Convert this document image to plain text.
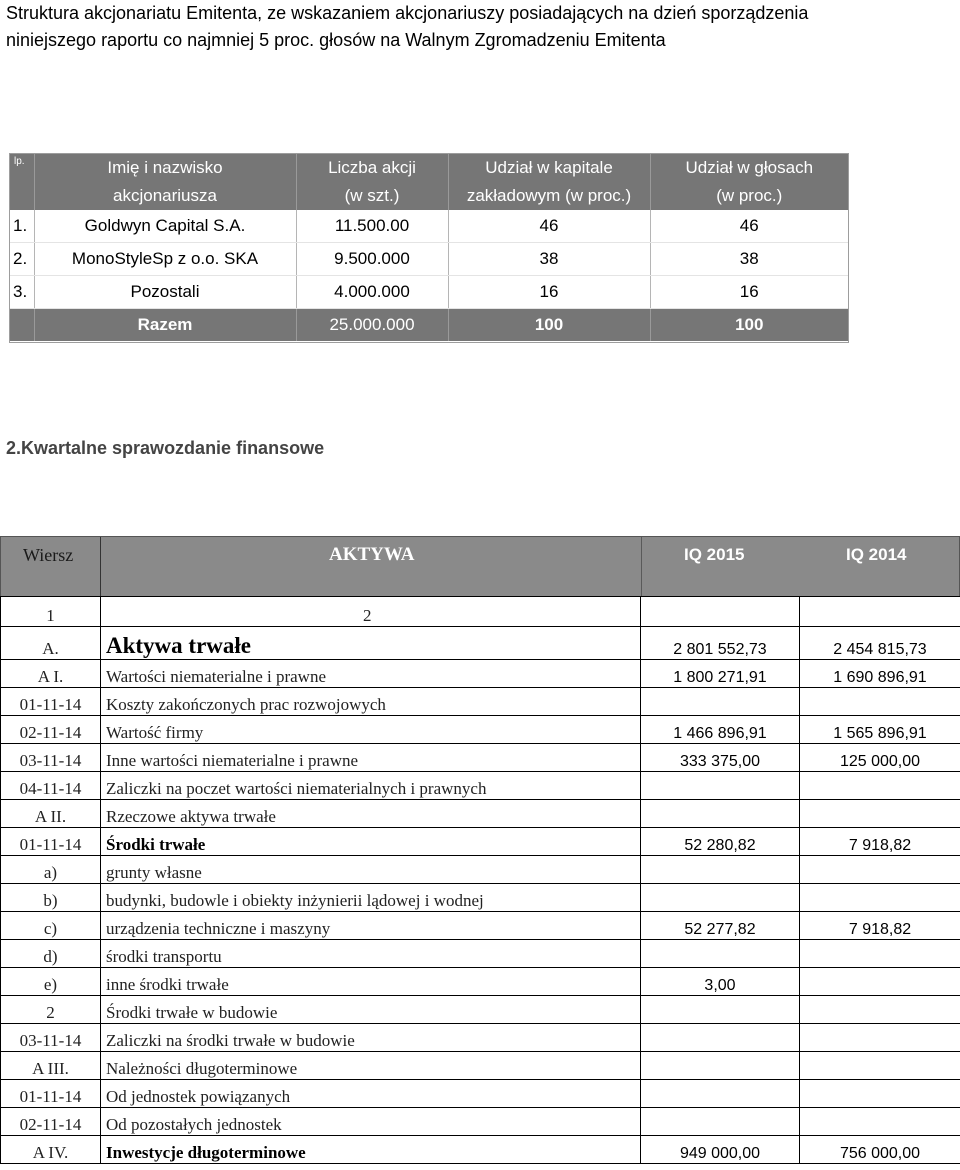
Struktura akcjonariatu Emitenta, ze wskazaniem akcjonariuszy posiadających na dzień sporządzenia
niniejszego raportu co najmniej 5 proc. głosów na Walnym Zgromadzeniu Emitenta
lp.	Imię i nazwisko	Liczba akcji	Udział w kapitale	Udział w głosach
	akcjonariusza	(w szt.)	zakładowym (w proc.)	(w proc.)
1.	Goldwyn Capital S.A.	11.500.00	46	46
2.	MonoStyleSp z o.o. SKA	9.500.000	38	38
3.	Pozostali	4.000.000	16	16
	Razem	25.000.000	100	100
2.Kwartalne sprawozdanie finansowe
Wiersz	AKTYWA	IQ 2015	IQ 2014
1	2		
A.	Aktywa trwałe	2 801 552,73	2 454 815,73
A I.	Wartości niematerialne i prawne	1 800 271,91	1 690 896,91
01-11-14	Koszty zakończonych prac rozwojowych		
02-11-14	Wartość firmy	1 466 896,91	1 565 896,91
03-11-14	Inne wartości niematerialne i prawne	333 375,00	125 000,00
04-11-14	Zaliczki na poczet wartości niematerialnych i prawnych		
A II.	Rzeczowe aktywa trwałe		
01-11-14	Środki trwałe	52 280,82	7 918,82
a)	grunty własne		
b)	budynki, budowle i obiekty inżynierii lądowej i wodnej		
c)	urządzenia techniczne i maszyny	52 277,82	7 918,82
d)	środki transportu		
e)	inne środki trwałe	3,00	
2	Środki trwałe w budowie		
03-11-14	Zaliczki na środki trwałe w budowie		
A III.	Należności długoterminowe		
01-11-14	Od jednostek powiązanych		
02-11-14	Od pozostałych jednostek		
A IV.	Inwestycje długoterminowe	949 000,00	756 000,00
